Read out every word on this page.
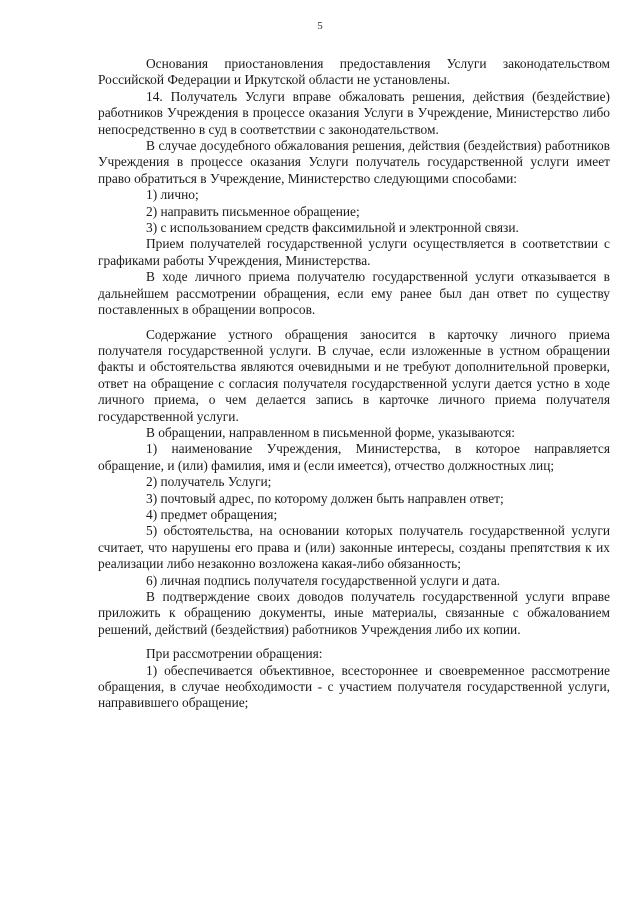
5

Основания приостановления предоставления Услуги законодательством Российской Федерации и Иркутской области не установлены.

14. Получатель Услуги вправе обжаловать решения, действия (бездействие) работников Учреждения в процессе оказания Услуги в Учреждение, Министерство либо непосредственно в суд в соответствии с законодательством.

В случае досудебного обжалования решения, действия (бездействия) работников Учреждения в процессе оказания Услуги получатель государственной услуги имеет право обратиться в Учреждение, Министерство следующими способами:

1) лично;

2) направить письменное обращение;

3) с использованием средств факсимильной и электронной связи.

Прием получателей государственной услуги осуществляется в соответствии с графиками работы Учреждения, Министерства.

В ходе личного приема получателю государственной услуги отказывается в дальнейшем рассмотрении обращения, если ему ранее был дан ответ по существу поставленных в обращении вопросов.

Содержание устного обращения заносится в карточку личного приема получателя государственной услуги. В случае, если изложенные в устном обращении факты и обстоятельства являются очевидными и не требуют дополнительной проверки, ответ на обращение с согласия получателя государственной услуги дается устно в ходе личного приема, о чем делается запись в карточке личного приема получателя государственной услуги.

В обращении, направленном в письменной форме, указываются:

1) наименование Учреждения, Министерства, в которое направляется обращение, и (или) фамилия, имя и (если имеется), отчество должностных лиц;

2) получатель Услуги;

3) почтовый адрес, по которому должен быть направлен ответ;

4) предмет обращения;

5) обстоятельства, на основании которых получатель государственной услуги считает, что нарушены его права и (или) законные интересы, созданы препятствия к их реализации либо незаконно возложена какая-либо обязанность;

6) личная подпись получателя государственной услуги и дата.

В подтверждение своих доводов получатель государственной услуги вправе приложить к обращению документы, иные материалы, связанные с обжалованием решений, действий (бездействия) работников Учреждения либо их копии.

При рассмотрении обращения:

1) обеспечивается объективное, всестороннее и своевременное рассмотрение обращения, в случае необходимости - с участием получателя государственной услуги, направившего обращение;
